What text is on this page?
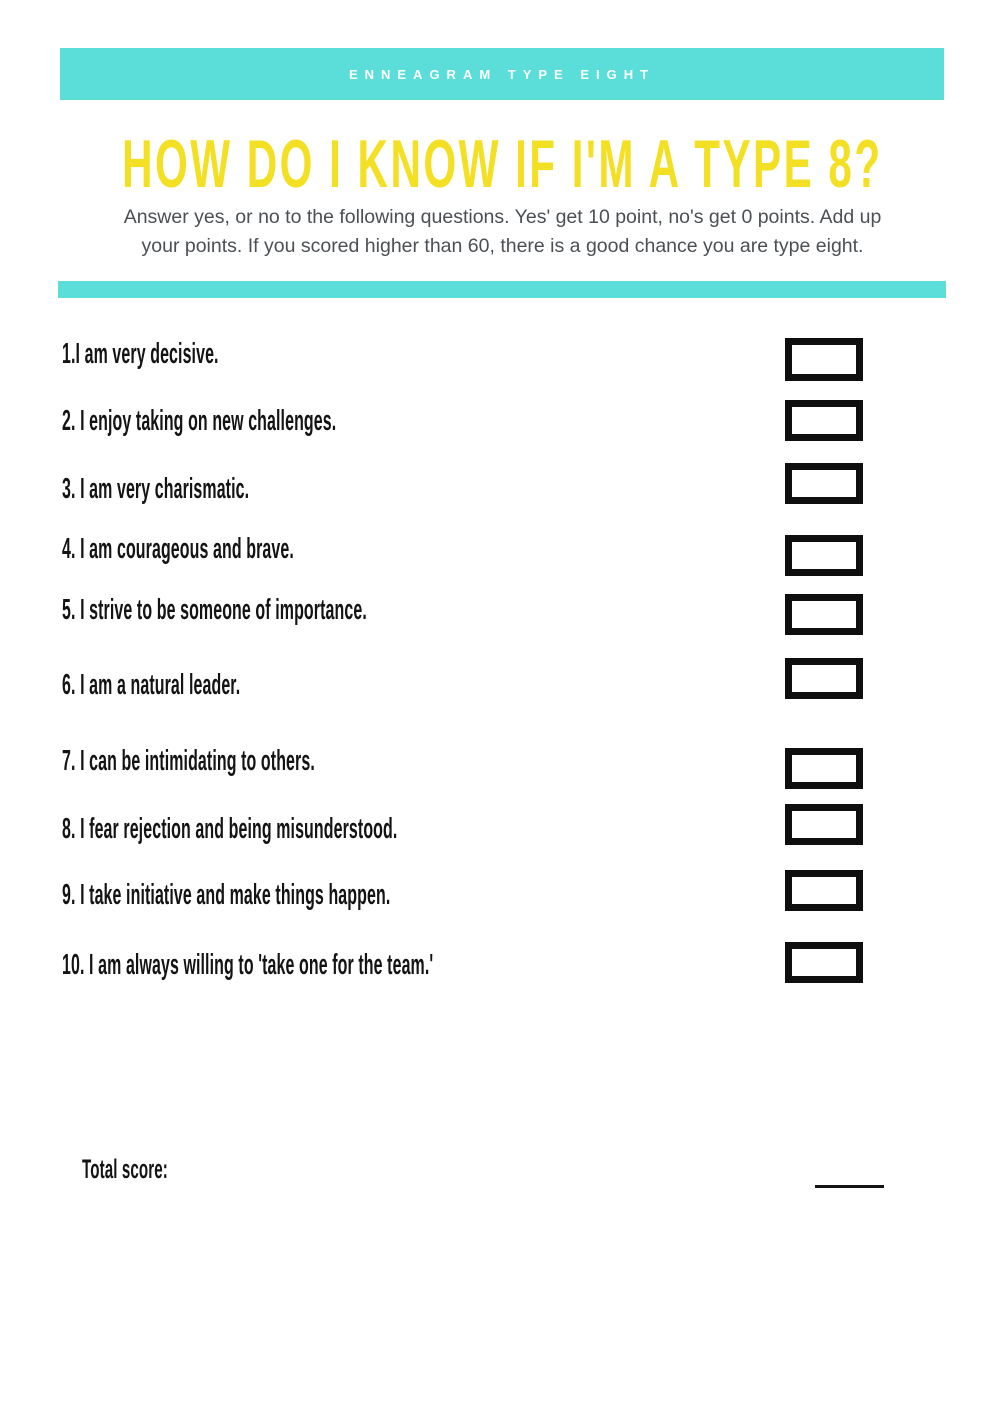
ENNEAGRAM TYPE EIGHT
HOW DO I KNOW IF I'M A TYPE 8?
Answer yes, or no to the following questions. Yes' get 10 point, no's get 0 points. Add up
your points. If you scored higher than 60, there is a good chance you are type eight.
1.I am very decisive.
2. I enjoy taking on new challenges.
3. I am very charismatic.
4. I am courageous and brave.
5. I strive to be someone of importance.
6. I am a natural leader.
7. I can be intimidating to others.
8. I fear rejection and being misunderstood.
9. I take initiative and make things happen.
10. I am always willing to 'take one for the team.'
Total score:
